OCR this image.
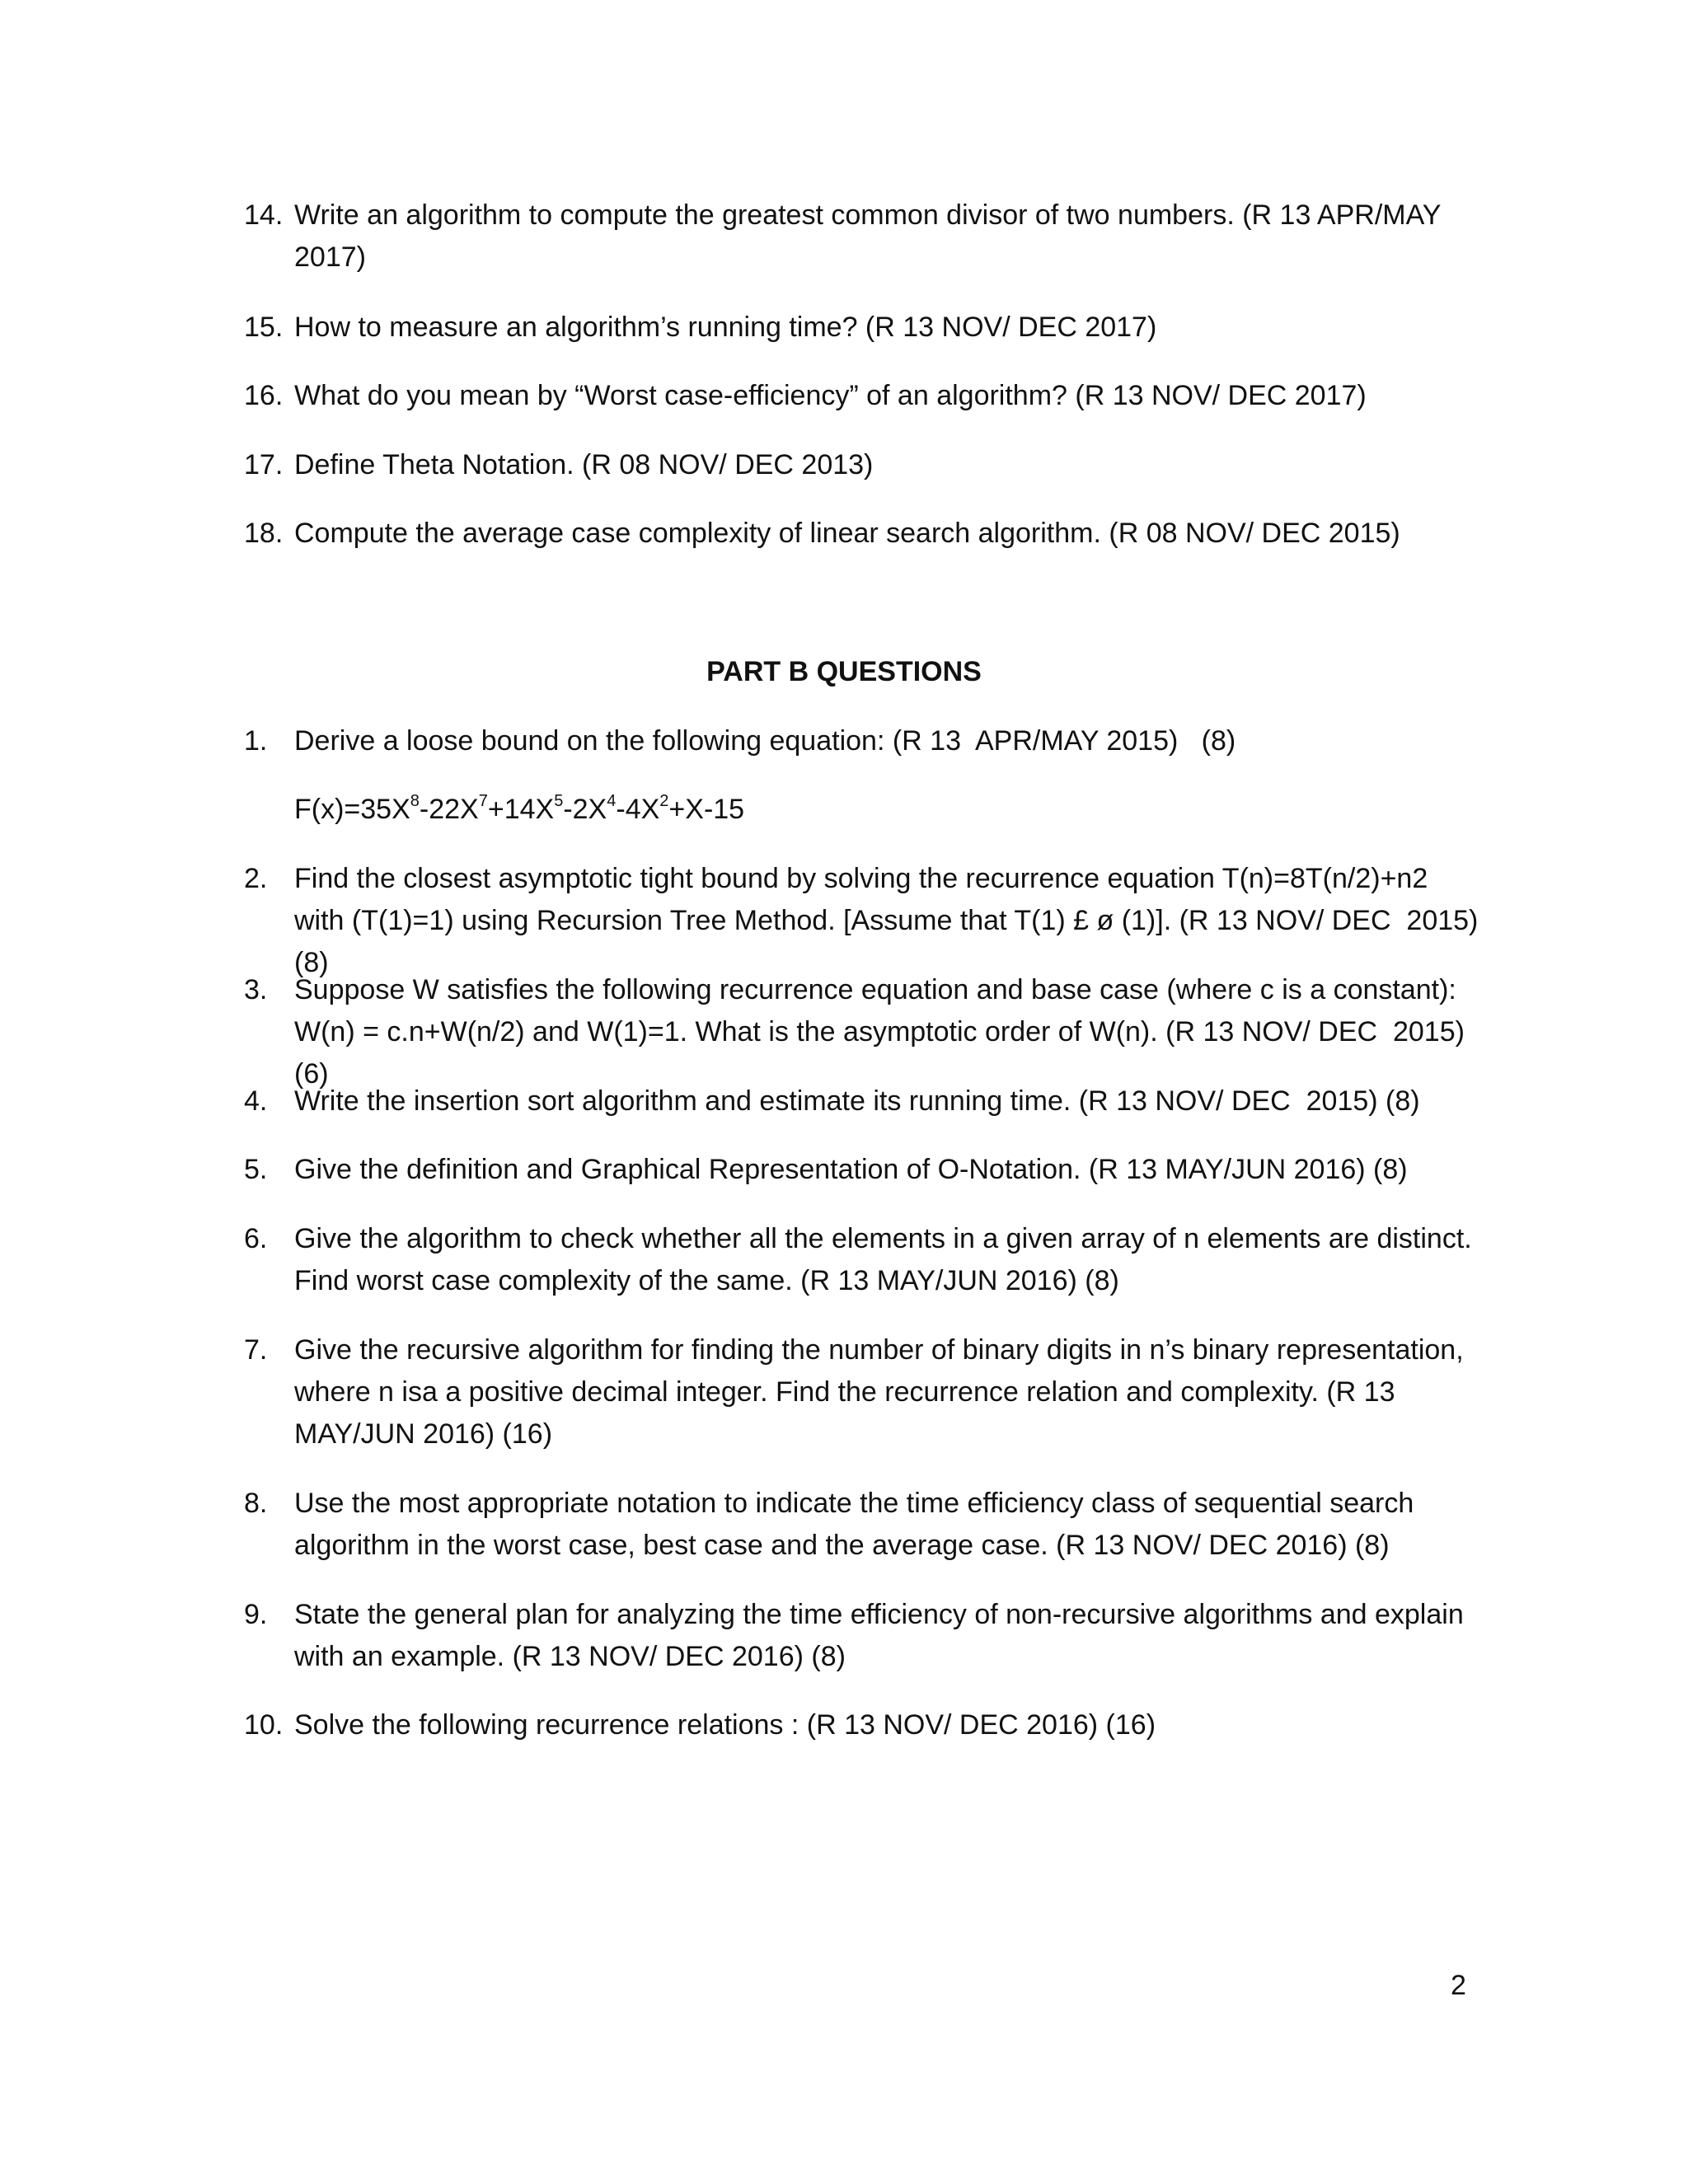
14. Write an algorithm to compute the greatest common divisor of two numbers. (R 13 APR/MAY
2017)
15. How to measure an algorithm’s running time? (R 13 NOV/ DEC 2017)
16. What do you mean by “Worst case-efficiency” of an algorithm? (R 13 NOV/ DEC 2017)
17. Define Theta Notation. (R 08 NOV/ DEC 2013)
18. Compute the average case complexity of linear search algorithm. (R 08 NOV/ DEC 2015)
PART B QUESTIONS
1. Derive a loose bound on the following equation: (R 13  APR/MAY 2015)   (8)
$F(x)=35X^8-22X^7+14X^5-2X^4-4X^2+X-15$
2. Find the closest asymptotic tight bound by solving the recurrence equation T(n)=8T(n/2)+n2
with (T(1)=1) using Recursion Tree Method. [Assume that T(1) £ ø (1)]. (R 13 NOV/ DEC  2015) (8)
3. Suppose W satisfies the following recurrence equation and base case (where c is a constant):
W(n) = c.n+W(n/2) and W(1)=1. What is the asymptotic order of W(n). (R 13 NOV/ DEC  2015) (6)
4. Write the insertion sort algorithm and estimate its running time. (R 13 NOV/ DEC  2015) (8)
5. Give the definition and Graphical Representation of O-Notation. (R 13 MAY/JUN 2016) (8)
6. Give the algorithm to check whether all the elements in a given array of n elements are distinct.
Find worst case complexity of the same. (R 13 MAY/JUN 2016) (8)
7. Give the recursive algorithm for finding the number of binary digits in n’s binary representation,
where n isa a positive decimal integer. Find the recurrence relation and complexity. (R 13
MAY/JUN 2016) (16)
8. Use the most appropriate notation to indicate the time efficiency class of sequential search
algorithm in the worst case, best case and the average case. (R 13 NOV/ DEC 2016) (8)
9. State the general plan for analyzing the time efficiency of non-recursive algorithms and explain
with an example. (R 13 NOV/ DEC 2016) (8)
10. Solve the following recurrence relations : (R 13 NOV/ DEC 2016) (16)
2
